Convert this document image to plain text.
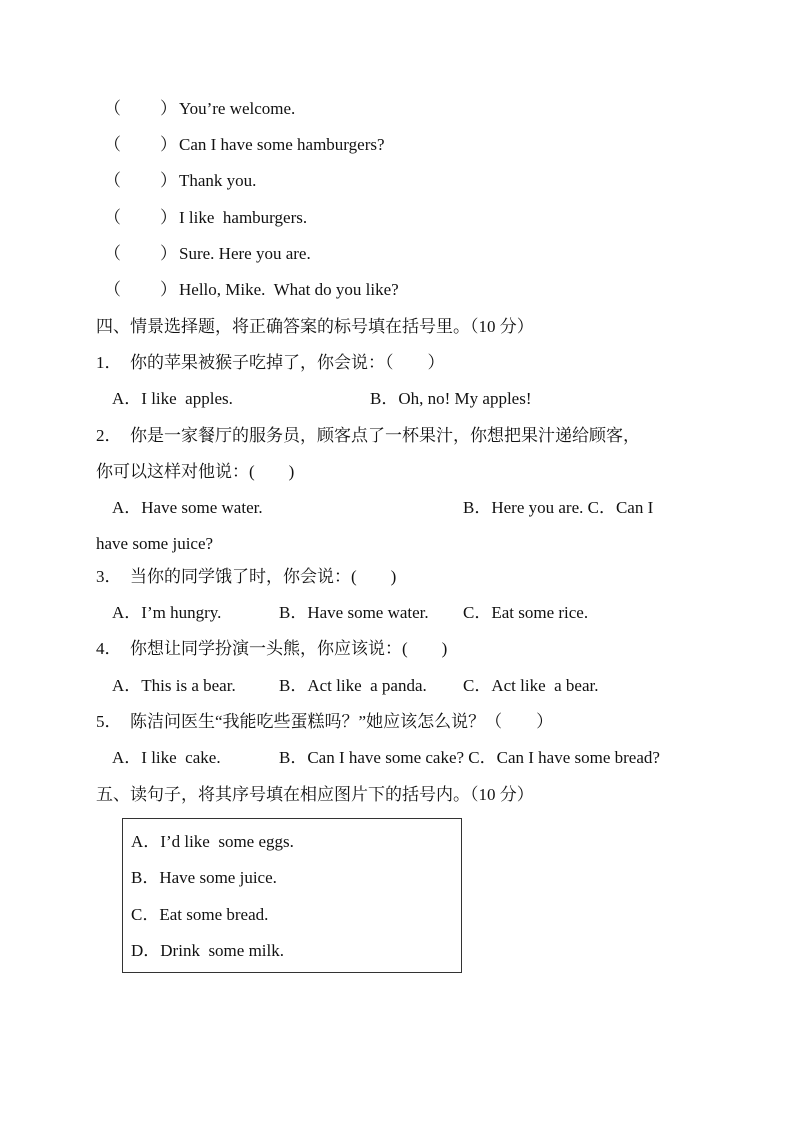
（ ） You’re welcome.
（ ） Can I have some hamburgers?
（ ） Thank you.
（ ） I like  hamburgers.
（ ） Sure. Here you are.
（ ） Hello, Mike.  What do you like?
四、情景选择题，将正确答案的标号填在括号里。（10 分）
1．　你的苹果被猴子吃掉了，你会说：（　　）
A．I like  apples.	B．Oh, no! My apples!
2．　你是一家餐厅的服务员，顾客点了一杯果汁，你想把果汁递给顾客，
你可以这样对他说：(　　)
A．Have some water.	B．Here you are. C．Can I
have some juice?
3．　当你的同学饿了时，你会说：(　　)
A．I’m hungry.	B．Have some water. C．Eat some rice.
4．　你想让同学扮演一头熊，你应该说：(　　)
A．This is a bear.	B．Act like  a panda. C．Act like  a bear.
5．　陈洁问医生“我能吃些蛋糕吗？”她应该怎么说？（　　）
A．I like  cake.	B．Can I have some cake? C．Can I have some bread?
五、读句子，将其序号填在相应图片下的括号内。（10 分）
A．I’d like  some eggs.
B．Have some juice.
C．Eat some bread.
D．Drink  some milk.
